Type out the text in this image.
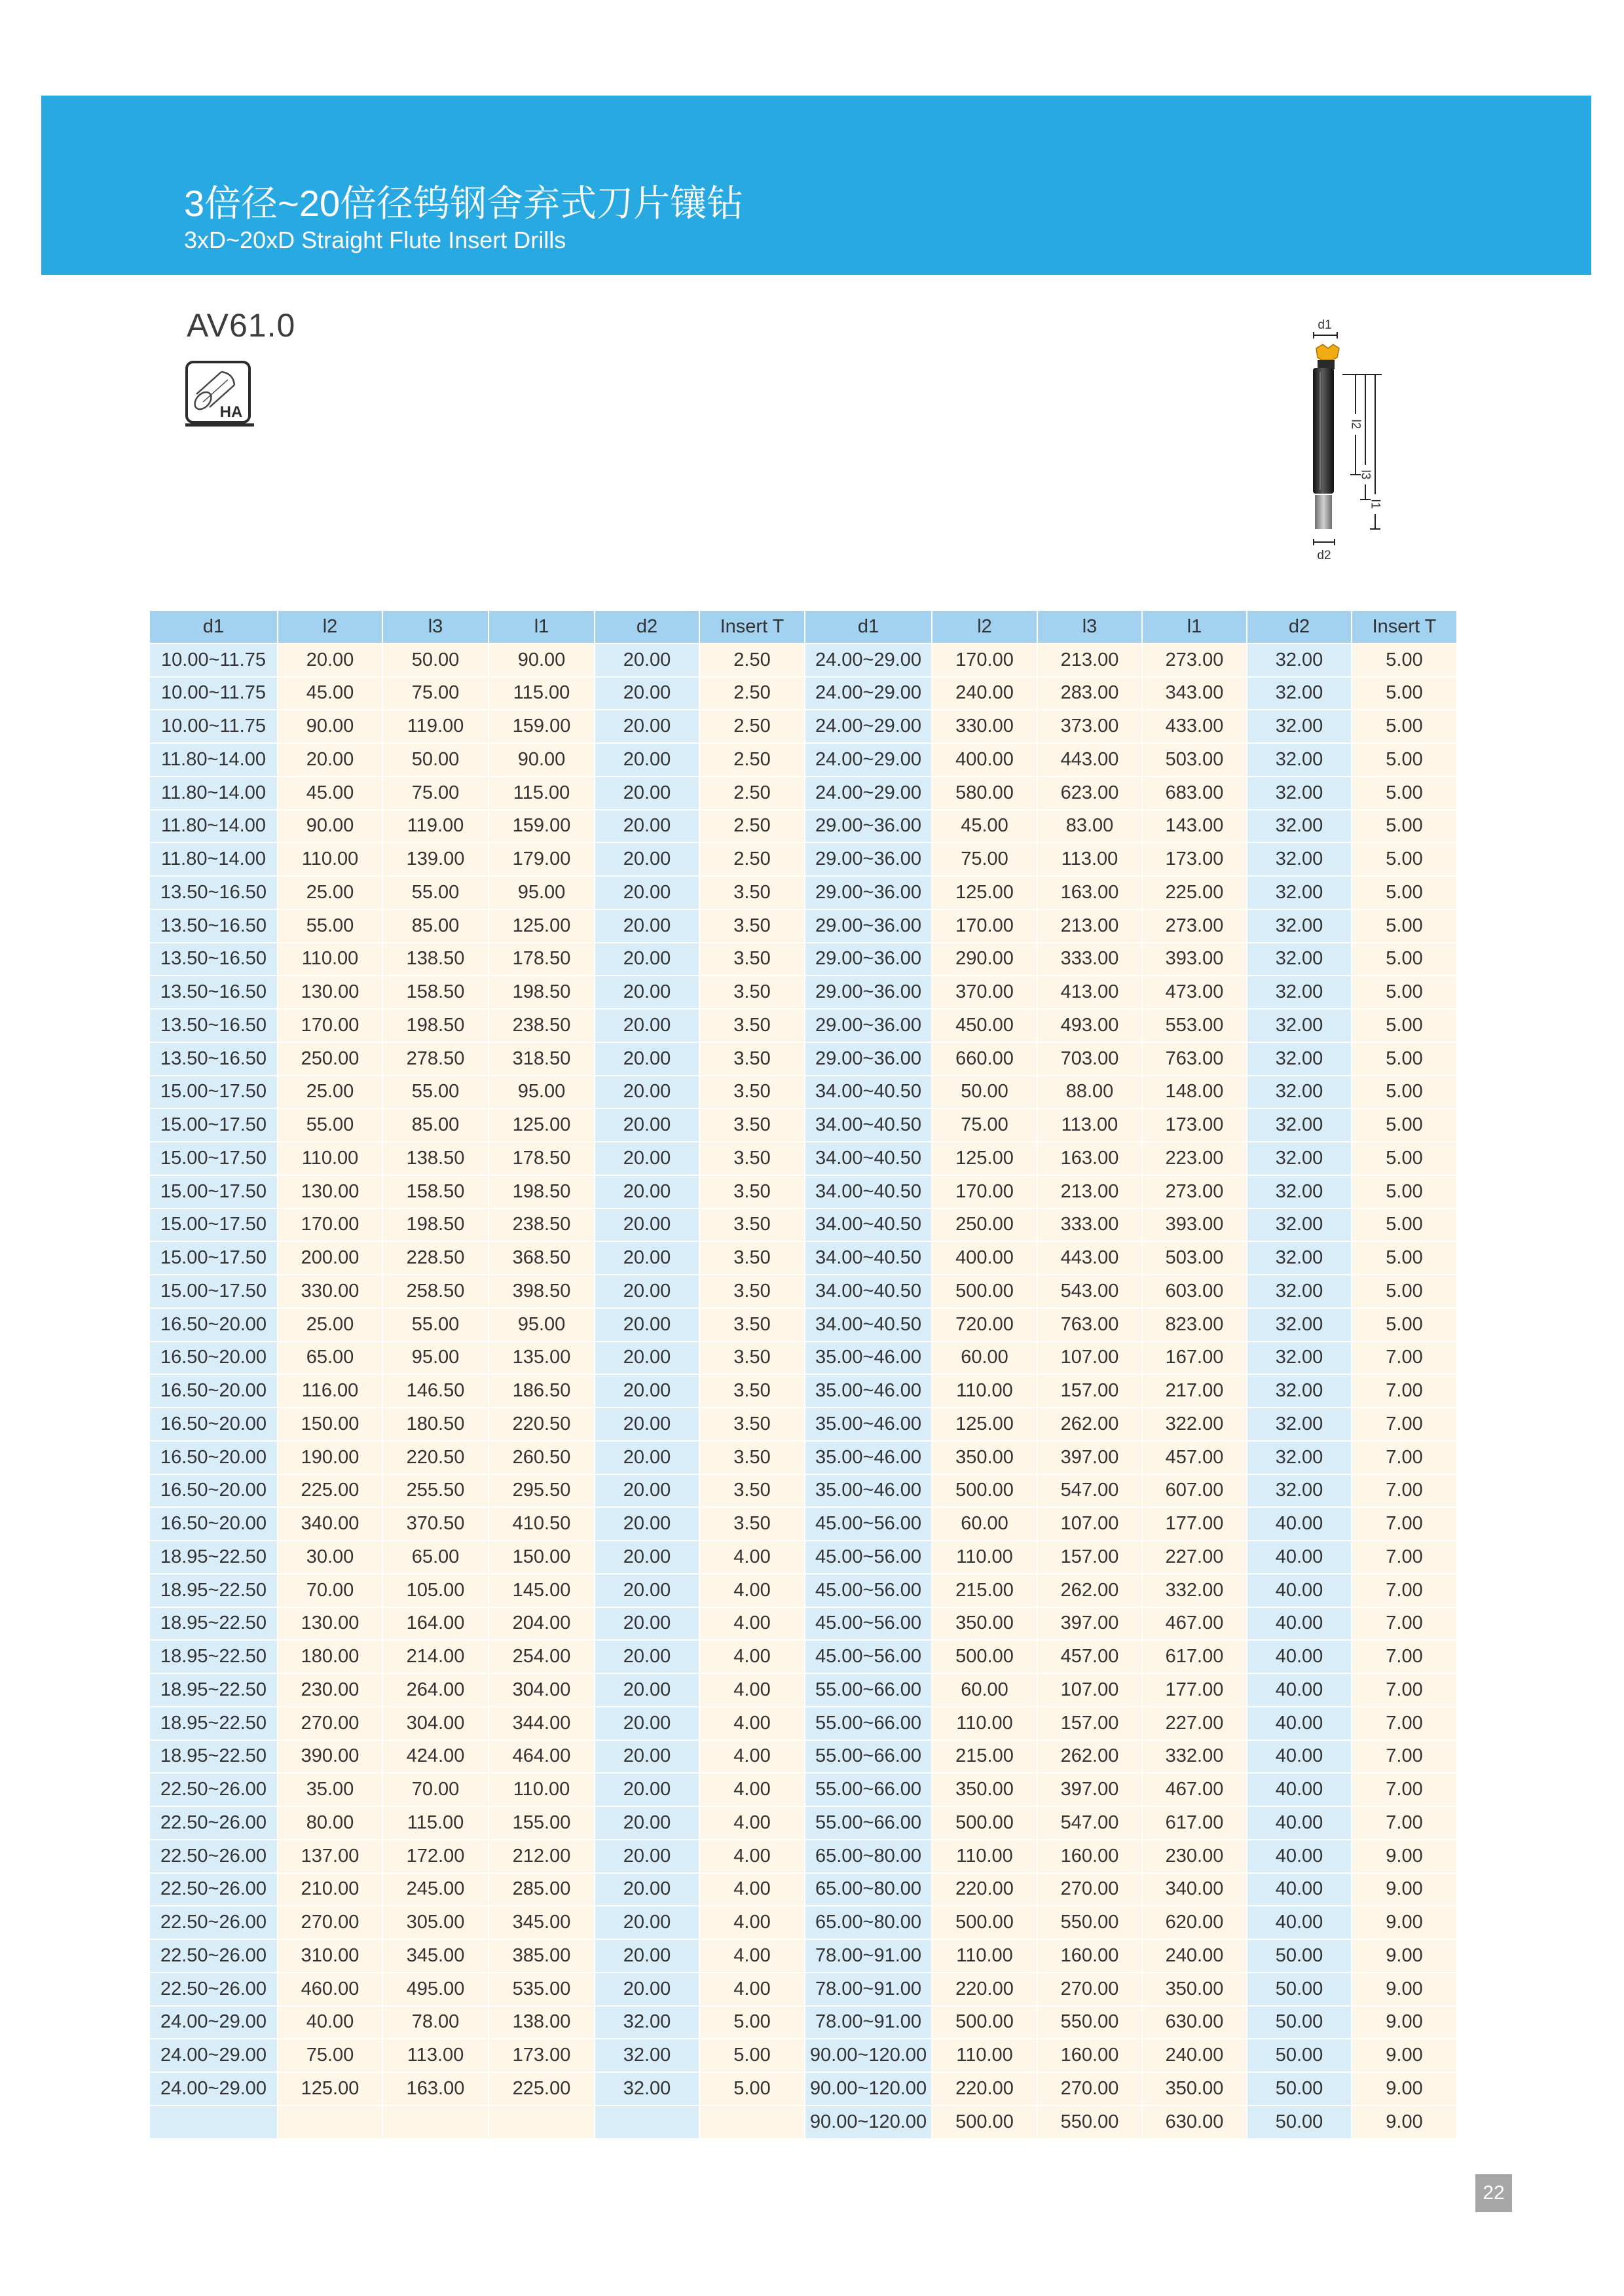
3倍径~20倍径钨钢舍弃式刀片镶钻
3xD~20xD Straight Flute Insert Drills
AV61.0
HA
d1
d2
l2
l3
l1
d1	l2	l3	l1	d2	Insert T	d1	l2	l3	l1	d2	Insert T
10.00~11.75	20.00	50.00	90.00	20.00	2.50	24.00~29.00	170.00	213.00	273.00	32.00	5.00
10.00~11.75	45.00	75.00	115.00	20.00	2.50	24.00~29.00	240.00	283.00	343.00	32.00	5.00
10.00~11.75	90.00	119.00	159.00	20.00	2.50	24.00~29.00	330.00	373.00	433.00	32.00	5.00
11.80~14.00	20.00	50.00	90.00	20.00	2.50	24.00~29.00	400.00	443.00	503.00	32.00	5.00
11.80~14.00	45.00	75.00	115.00	20.00	2.50	24.00~29.00	580.00	623.00	683.00	32.00	5.00
11.80~14.00	90.00	119.00	159.00	20.00	2.50	29.00~36.00	45.00	83.00	143.00	32.00	5.00
11.80~14.00	110.00	139.00	179.00	20.00	2.50	29.00~36.00	75.00	113.00	173.00	32.00	5.00
13.50~16.50	25.00	55.00	95.00	20.00	3.50	29.00~36.00	125.00	163.00	225.00	32.00	5.00
13.50~16.50	55.00	85.00	125.00	20.00	3.50	29.00~36.00	170.00	213.00	273.00	32.00	5.00
13.50~16.50	110.00	138.50	178.50	20.00	3.50	29.00~36.00	290.00	333.00	393.00	32.00	5.00
13.50~16.50	130.00	158.50	198.50	20.00	3.50	29.00~36.00	370.00	413.00	473.00	32.00	5.00
13.50~16.50	170.00	198.50	238.50	20.00	3.50	29.00~36.00	450.00	493.00	553.00	32.00	5.00
13.50~16.50	250.00	278.50	318.50	20.00	3.50	29.00~36.00	660.00	703.00	763.00	32.00	5.00
15.00~17.50	25.00	55.00	95.00	20.00	3.50	34.00~40.50	50.00	88.00	148.00	32.00	5.00
15.00~17.50	55.00	85.00	125.00	20.00	3.50	34.00~40.50	75.00	113.00	173.00	32.00	5.00
15.00~17.50	110.00	138.50	178.50	20.00	3.50	34.00~40.50	125.00	163.00	223.00	32.00	5.00
15.00~17.50	130.00	158.50	198.50	20.00	3.50	34.00~40.50	170.00	213.00	273.00	32.00	5.00
15.00~17.50	170.00	198.50	238.50	20.00	3.50	34.00~40.50	250.00	333.00	393.00	32.00	5.00
15.00~17.50	200.00	228.50	368.50	20.00	3.50	34.00~40.50	400.00	443.00	503.00	32.00	5.00
15.00~17.50	330.00	258.50	398.50	20.00	3.50	34.00~40.50	500.00	543.00	603.00	32.00	5.00
16.50~20.00	25.00	55.00	95.00	20.00	3.50	34.00~40.50	720.00	763.00	823.00	32.00	5.00
16.50~20.00	65.00	95.00	135.00	20.00	3.50	35.00~46.00	60.00	107.00	167.00	32.00	7.00
16.50~20.00	116.00	146.50	186.50	20.00	3.50	35.00~46.00	110.00	157.00	217.00	32.00	7.00
16.50~20.00	150.00	180.50	220.50	20.00	3.50	35.00~46.00	125.00	262.00	322.00	32.00	7.00
16.50~20.00	190.00	220.50	260.50	20.00	3.50	35.00~46.00	350.00	397.00	457.00	32.00	7.00
16.50~20.00	225.00	255.50	295.50	20.00	3.50	35.00~46.00	500.00	547.00	607.00	32.00	7.00
16.50~20.00	340.00	370.50	410.50	20.00	3.50	45.00~56.00	60.00	107.00	177.00	40.00	7.00
18.95~22.50	30.00	65.00	150.00	20.00	4.00	45.00~56.00	110.00	157.00	227.00	40.00	7.00
18.95~22.50	70.00	105.00	145.00	20.00	4.00	45.00~56.00	215.00	262.00	332.00	40.00	7.00
18.95~22.50	130.00	164.00	204.00	20.00	4.00	45.00~56.00	350.00	397.00	467.00	40.00	7.00
18.95~22.50	180.00	214.00	254.00	20.00	4.00	45.00~56.00	500.00	457.00	617.00	40.00	7.00
18.95~22.50	230.00	264.00	304.00	20.00	4.00	55.00~66.00	60.00	107.00	177.00	40.00	7.00
18.95~22.50	270.00	304.00	344.00	20.00	4.00	55.00~66.00	110.00	157.00	227.00	40.00	7.00
18.95~22.50	390.00	424.00	464.00	20.00	4.00	55.00~66.00	215.00	262.00	332.00	40.00	7.00
22.50~26.00	35.00	70.00	110.00	20.00	4.00	55.00~66.00	350.00	397.00	467.00	40.00	7.00
22.50~26.00	80.00	115.00	155.00	20.00	4.00	55.00~66.00	500.00	547.00	617.00	40.00	7.00
22.50~26.00	137.00	172.00	212.00	20.00	4.00	65.00~80.00	110.00	160.00	230.00	40.00	9.00
22.50~26.00	210.00	245.00	285.00	20.00	4.00	65.00~80.00	220.00	270.00	340.00	40.00	9.00
22.50~26.00	270.00	305.00	345.00	20.00	4.00	65.00~80.00	500.00	550.00	620.00	40.00	9.00
22.50~26.00	310.00	345.00	385.00	20.00	4.00	78.00~91.00	110.00	160.00	240.00	50.00	9.00
22.50~26.00	460.00	495.00	535.00	20.00	4.00	78.00~91.00	220.00	270.00	350.00	50.00	9.00
24.00~29.00	40.00	78.00	138.00	32.00	5.00	78.00~91.00	500.00	550.00	630.00	50.00	9.00
24.00~29.00	75.00	113.00	173.00	32.00	5.00	90.00~120.00	110.00	160.00	240.00	50.00	9.00
24.00~29.00	125.00	163.00	225.00	32.00	5.00	90.00~120.00	220.00	270.00	350.00	50.00	9.00
						90.00~120.00	500.00	550.00	630.00	50.00	9.00
22
